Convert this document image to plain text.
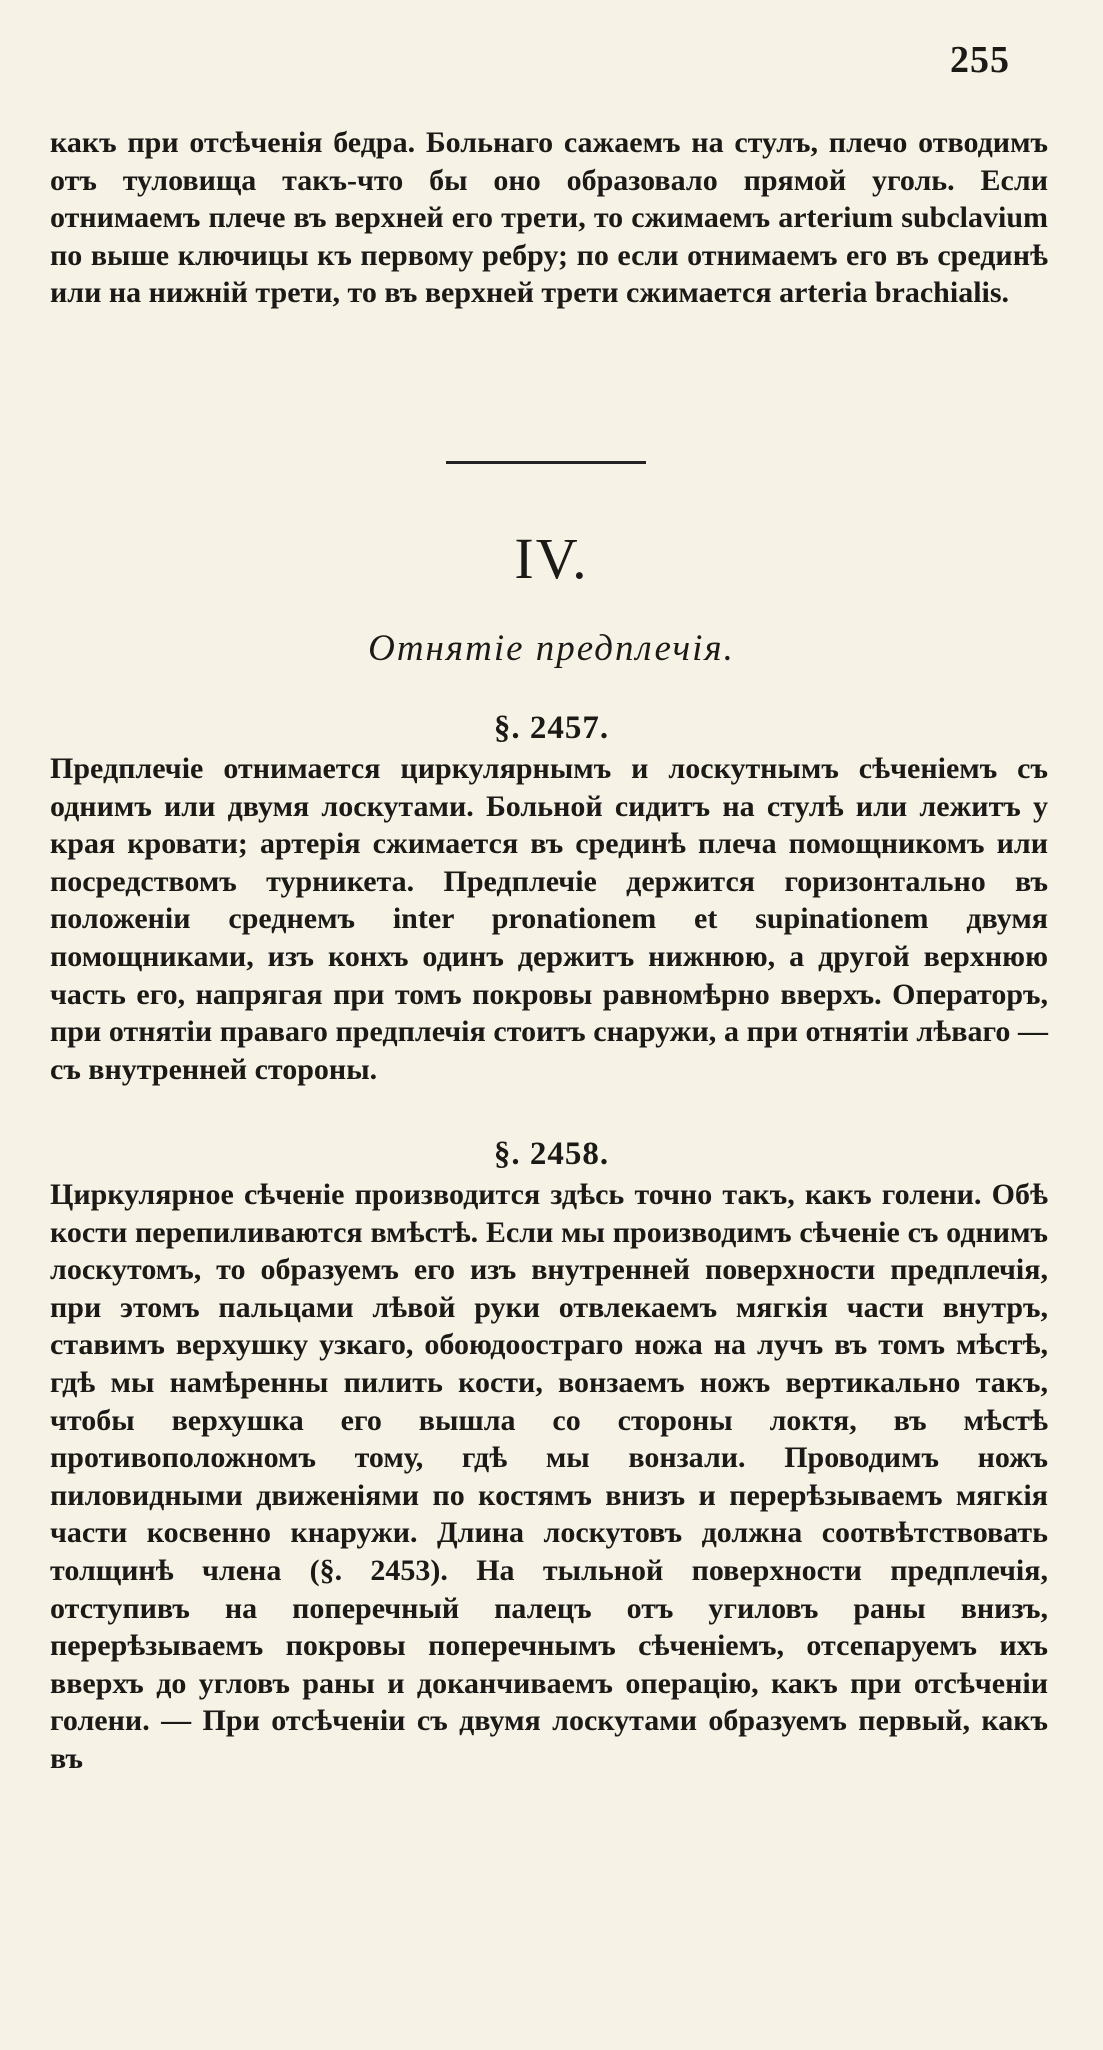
255
какъ при отсѣченія бедра. Больнаго сажаемъ на стулъ, плечо отводимъ отъ туловища такъ-что бы оно образовало прямой уголь. Если отнимаемъ плече въ верхней его трети, то сжимаемъ arterium subclavium по выше ключицы къ первому ребру; по если отнимаемъ его въ срединѣ или на нижній трети, то въ верхней трети сжимается arteria brachialis.
IV.
Отнятіе предплечія.
§. 2457.
Предплечіе отнимается циркулярнымъ и лоскутнымъ сѣченіемъ съ однимъ или двумя лоскутами. Больной сидитъ на стулѣ или лежитъ у края кровати; артерія сжимается въ срединѣ плеча помощникомъ или посредствомъ турникета. Предплечіе держится горизонтально въ положеніи среднемъ inter pronationem et supinationem двумя помощниками, изъ конхъ одинъ держитъ нижнюю, а другой верхнюю часть его, напрягая при томъ покровы равномѣрно вверхъ. Операторъ, при отнятіи праваго предплечія стоитъ снаружи, а при отнятіи лѣваго — съ внутренней стороны.
§. 2458.
Циркулярное сѣченіе производится здѣсь точно такъ, какъ голени. Обѣ кости перепиливаются вмѣстѣ. Если мы производимъ сѣченіе съ однимъ лоскутомъ, то образуемъ его изъ внутренней поверхности предплечія, при этомъ пальцами лѣвой руки отвлекаемъ мягкія части внутръ, ставимъ верхушку узкаго, обоюдоостраго ножа на лучъ въ томъ мѣстѣ, гдѣ мы намѣренны пилить кости, вонзаемъ ножъ вертикально такъ, чтобы верхушка его вышла со стороны локтя, въ мѣстѣ противоположномъ тому, гдѣ мы вонзали. Проводимъ ножъ пиловидными движеніями по костямъ внизъ и перерѣзываемъ мягкія части косвенно кнаружи. Длина лоскутовъ должна соотвѣтствовать толщинѣ члена (§. 2453). На тыльной поверхности предплечія, отступивъ на поперечный палецъ отъ угиловъ раны внизъ, перерѣзываемъ покровы поперечнымъ сѣченіемъ, отсепаруемъ ихъ вверхъ до угловъ раны и доканчиваемъ операцію, какъ при отсѣченіи голени. — При отсѣченіи съ двумя лоскутами образуемъ первый, какъ въ
